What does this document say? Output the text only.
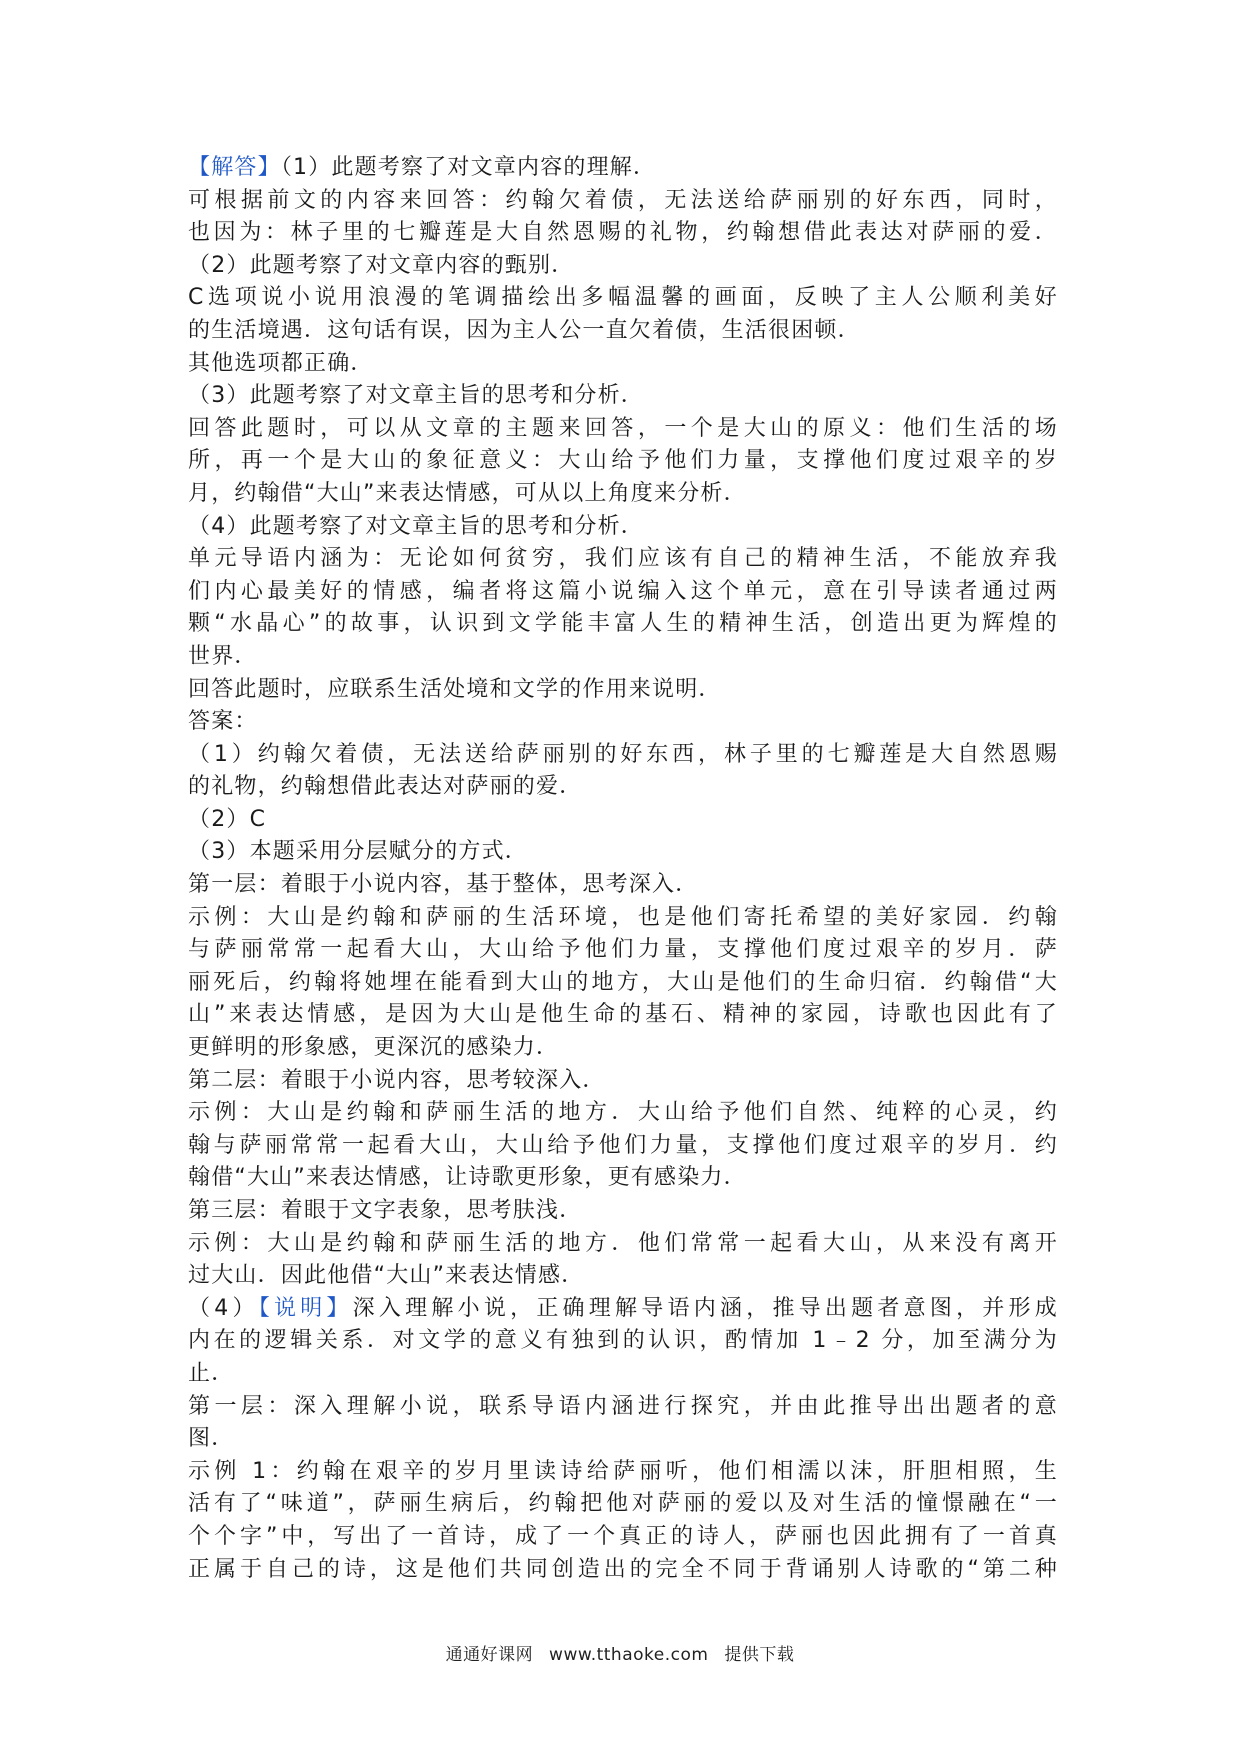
【解答】（1）此题考察了对文章内容的理解．
可根据前文的内容来回答：约翰欠着债，无法送给萨丽别的好东西，同时，
也因为：林子里的七瓣莲是大自然恩赐的礼物，约翰想借此表达对萨丽的爱．
（2）此题考察了对文章内容的甄别．
C选项说小说用浪漫的笔调描绘出多幅温馨的画面，反映了主人公顺利美好
的生活境遇．这句话有误，因为主人公一直欠着债，生活很困顿．
其他选项都正确．
（3）此题考察了对文章主旨的思考和分析．
回答此题时，可以从文章的主题来回答，一个是大山的原义：他们生活的场
所，再一个是大山的象征意义：大山给予他们力量，支撑他们度过艰辛的岁
月，约翰借“大山”来表达情感，可从以上角度来分析．
（4）此题考察了对文章主旨的思考和分析．
单元导语内涵为：无论如何贫穷，我们应该有自己的精神生活，不能放弃我
们内心最美好的情感，编者将这篇小说编入这个单元，意在引导读者通过两
颗“水晶心”的故事，认识到文学能丰富人生的精神生活，创造出更为辉煌的
世界．
回答此题时，应联系生活处境和文学的作用来说明．
答案：
（1）约翰欠着债，无法送给萨丽别的好东西，林子里的七瓣莲是大自然恩赐
的礼物，约翰想借此表达对萨丽的爱．
（2）C
（3）本题采用分层赋分的方式．
第一层：着眼于小说内容，基于整体，思考深入．
示例：大山是约翰和萨丽的生活环境，也是他们寄托希望的美好家园．约翰
与萨丽常常一起看大山，大山给予他们力量，支撑他们度过艰辛的岁月．萨
丽死后，约翰将她埋在能看到大山的地方，大山是他们的生命归宿．约翰借“大
山”来表达情感，是因为大山是他生命的基石、精神的家园，诗歌也因此有了
更鲜明的形象感，更深沉的感染力．
第二层：着眼于小说内容，思考较深入．
示例：大山是约翰和萨丽生活的地方．大山给予他们自然、纯粹的心灵，约
翰与萨丽常常一起看大山，大山给予他们力量，支撑他们度过艰辛的岁月．约
翰借“大山”来表达情感，让诗歌更形象，更有感染力．
第三层：着眼于文字表象，思考肤浅．
示例：大山是约翰和萨丽生活的地方．他们常常一起看大山，从来没有离开
过大山．因此他借“大山”来表达情感．
（4）【说明】深入理解小说，正确理解导语内涵，推导出题者意图，并形成
内在的逻辑关系．对文学的意义有独到的认识，酌情加 1﹣2 分，加至满分为
止．
第一层：深入理解小说，联系导语内涵进行探究，并由此推导出出题者的意
图．
示例 1：约翰在艰辛的岁月里读诗给萨丽听，他们相濡以沫，肝胆相照，生
活有了“味道”，萨丽生病后，约翰把他对萨丽的爱以及对生活的憧憬融在“一
个个字”中，写出了一首诗，成了一个真正的诗人，萨丽也因此拥有了一首真
正属于自己的诗，这是他们共同创造出的完全不同于背诵别人诗歌的“第二种
通通好课网 www.tthaoke.com 提供下载
